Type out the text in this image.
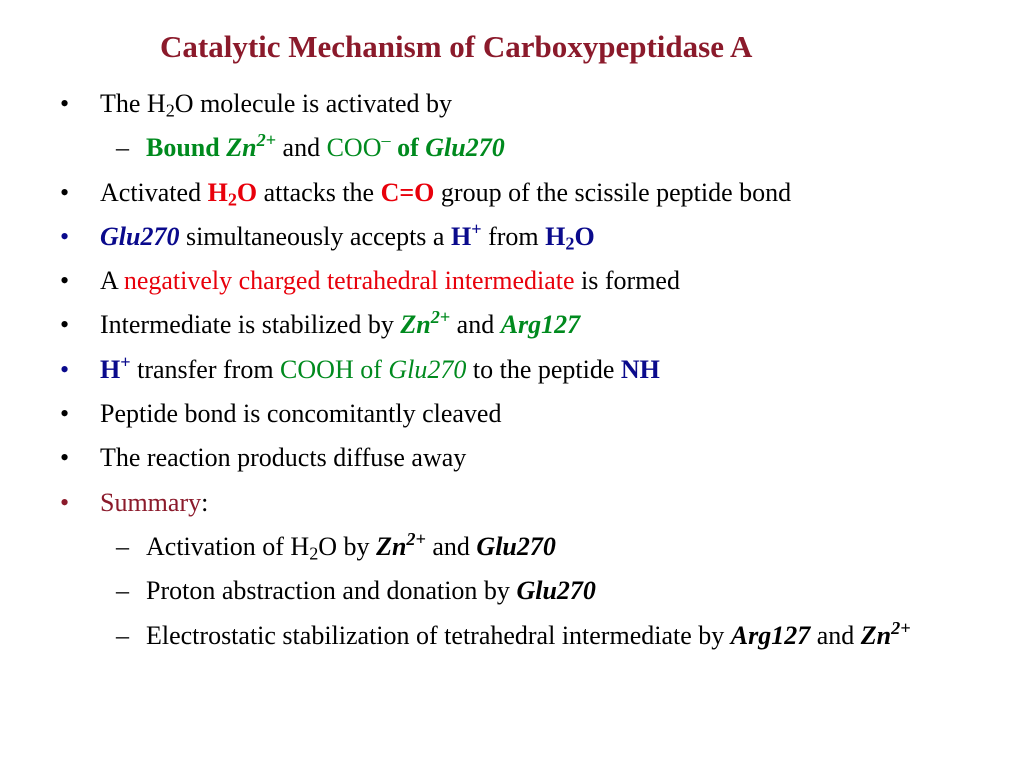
Catalytic Mechanism of Carboxypeptidase A
• The $H_2O$ molecule is activated by
– Bound $Zn^{2+}$ and COO– of Glu270
• Activated $H_2O$ attacks the C=O group of the scissile peptide bond
• Glu270 simultaneously accepts a H+ from $H_2O$
• A negatively charged tetrahedral intermediate is formed
• Intermediate is stabilized by $Zn^{2+}$ and Arg127
• H+ transfer from COOH of Glu270 to the peptide NH
• Peptide bond is concomitantly cleaved
• The reaction products diffuse away
• Summary:
– Activation of $H_2O$ by $Zn^{2+}$ and Glu270
– Proton abstraction and donation by Glu270
– Electrostatic stabilization of tetrahedral intermediate by Arg127 and $Zn^{2+}$
